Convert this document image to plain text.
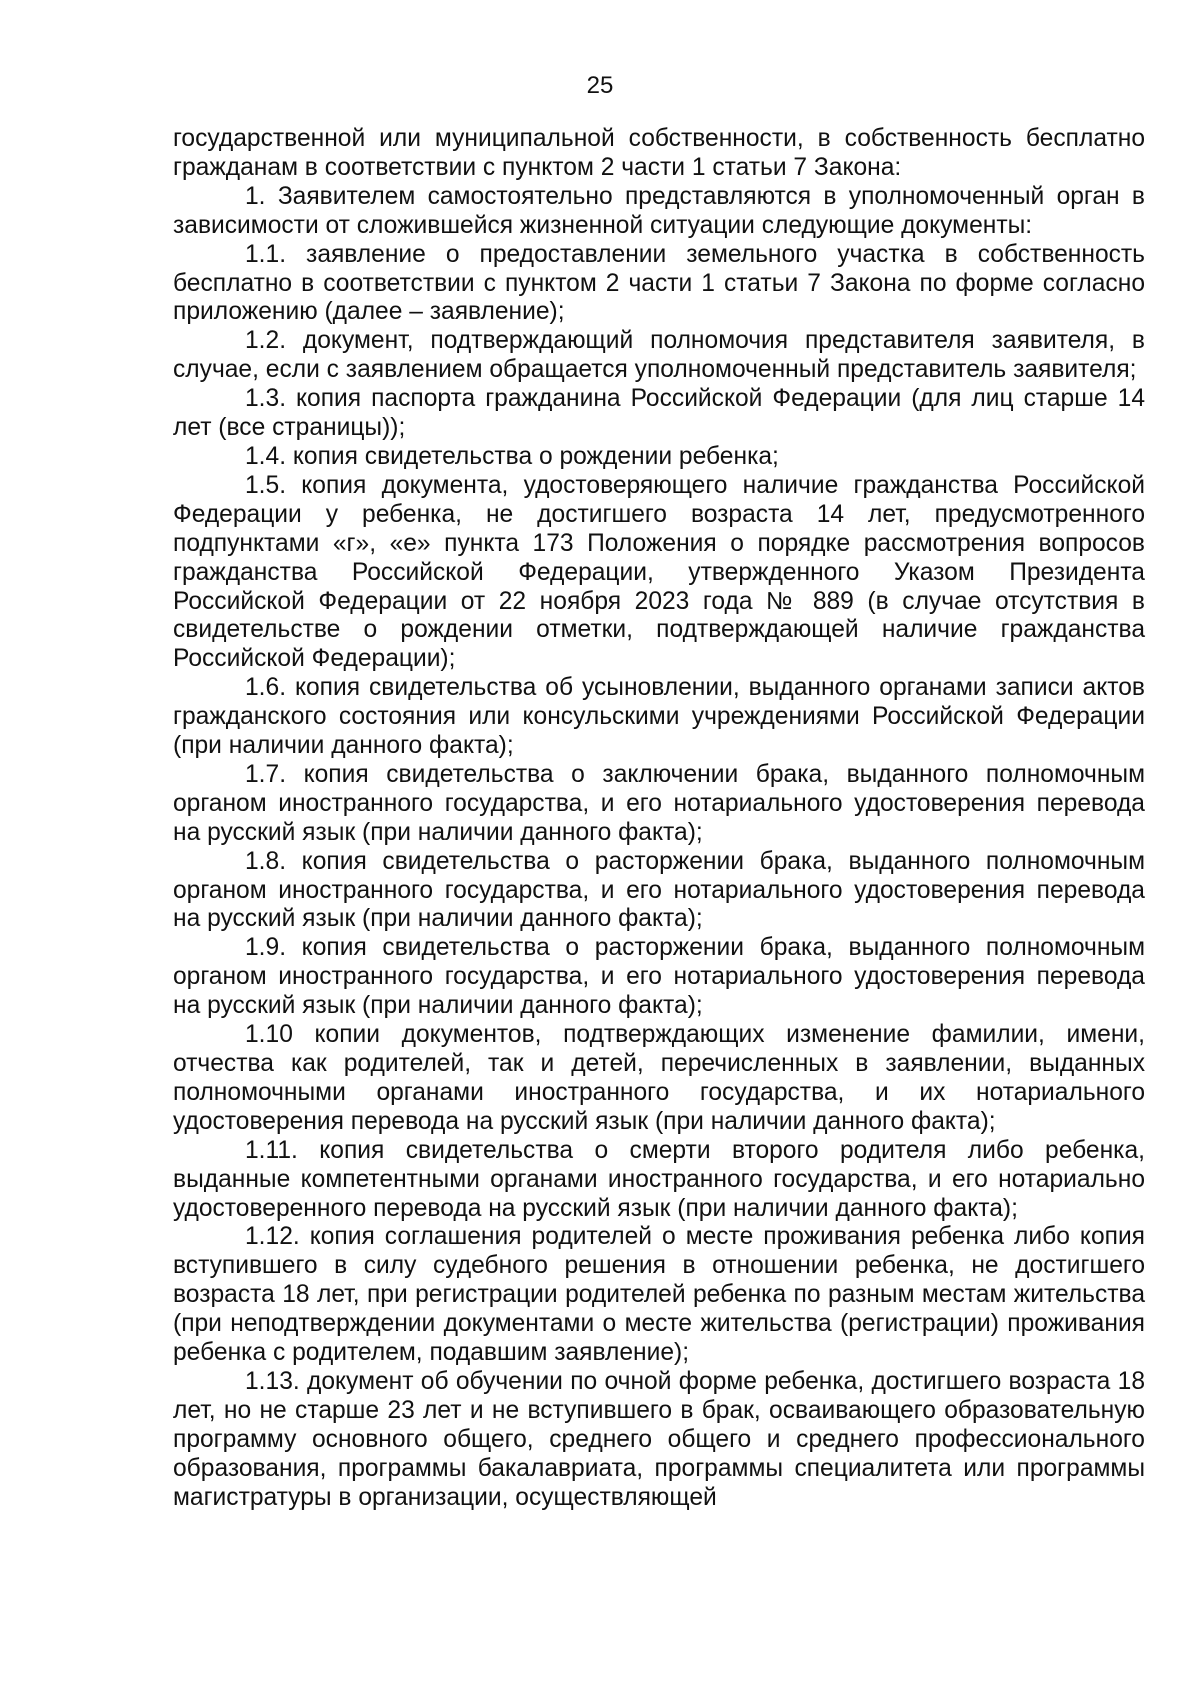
25

государственной или муниципальной собственности, в собственность бесплатно гражданам в соответствии с пунктом 2 части 1 статьи 7 Закона:

1. Заявителем самостоятельно представляются в уполномоченный орган в зависимости от сложившейся жизненной ситуации следующие документы:

1.1. заявление о предоставлении земельного участка в собственность бесплатно в соответствии с пунктом 2 части 1 статьи 7 Закона по форме согласно приложению (далее – заявление);

1.2. документ, подтверждающий полномочия представителя заявителя, в случае, если с заявлением обращается уполномоченный представитель заявителя;

1.3. копия паспорта гражданина Российской Федерации (для лиц старше 14 лет (все страницы));

1.4. копия свидетельства о рождении ребенка;

1.5. копия документа, удостоверяющего наличие гражданства Российской Федерации у ребенка, не достигшего возраста 14 лет, предусмотренного подпунктами «г», «е» пункта 173 Положения о порядке рассмотрения вопросов гражданства Российской Федерации, утвержденного Указом Президента Российской Федерации от 22 ноября 2023 года № 889 (в случае отсутствия в свидетельстве о рождении отметки, подтверждающей наличие гражданства Российской Федерации);

1.6. копия свидетельства об усыновлении, выданного органами записи актов гражданского состояния или консульскими учреждениями Российской Федерации (при наличии данного факта);

1.7. копия свидетельства о заключении брака, выданного полномочным органом иностранного государства, и его нотариального удостоверения перевода на русский язык (при наличии данного факта);

1.8. копия свидетельства о расторжении брака, выданного полномочным органом иностранного государства, и его нотариального удостоверения перевода на русский язык (при наличии данного факта);

1.9. копия свидетельства о расторжении брака, выданного полномочным органом иностранного государства, и его нотариального удостоверения перевода на русский язык (при наличии данного факта);

1.10 копии документов, подтверждающих изменение фамилии, имени, отчества как родителей, так и детей, перечисленных в заявлении, выданных полномочными органами иностранного государства, и их нотариального удостоверения перевода на русский язык (при наличии данного факта);

1.11. копия свидетельства о смерти второго родителя либо ребенка, выданные компетентными органами иностранного государства, и его нотариально удостоверенного перевода на русский язык (при наличии данного факта);

1.12. копия соглашения родителей о месте проживания ребенка либо копия вступившего в силу судебного решения в отношении ребенка, не достигшего возраста 18 лет, при регистрации родителей ребенка по разным местам жительства (при неподтверждении документами о месте жительства (регистрации) проживания ребенка с родителем, подавшим заявление);

1.13. документ об обучении по очной форме ребенка, достигшего возраста 18 лет, но не старше 23 лет и не вступившего в брак, осваивающего образовательную программу основного общего, среднего общего и среднего профессионального образования, программы бакалавриата, программы специалитета или программы магистратуры в организации, осуществляющей
